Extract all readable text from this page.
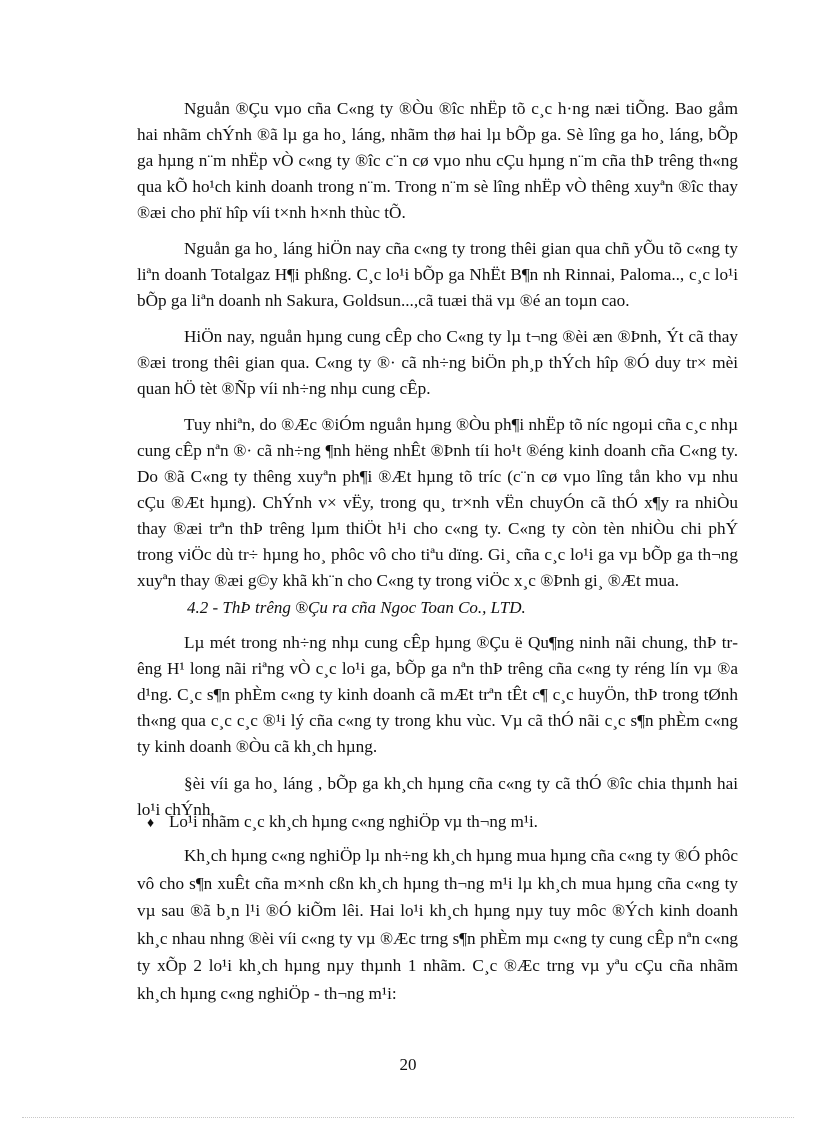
Nguån ®Çu vµo cña C«ng ty ®Òu ®îc nhËp tõ c¸c h·ng næi tiÕng. Bao gåm hai nhãm chÝnh ®ã lµ ga ho¸ láng, nhãm thø hai lµ bÕp ga. Sè lîng ga ho¸ láng, bÕp ga hµng n¨m nhËp vÒ c«ng ty ®îc c¨n cø vµo nhu cÇu hµng n¨m cña thÞ trêng th«ng qua kÕ ho¹ch kinh doanh trong n¨m. Trong n¨m sè lîng nhËp vÒ thêng xuyªn ®îc thay ®æi cho phï hîp víi t×nh h×nh thùc tÕ.

Nguån ga ho¸ láng hiÖn nay cña c«ng ty trong thêi gian qua chñ yÕu tõ c«ng ty liªn doanh Totalgaz H¶i phßng. C¸c lo¹i bÕp ga NhËt B¶n nh Rinnai, Paloma.., c¸c lo¹i bÕp ga liªn doanh nh Sakura, Goldsun...,cã tuæi thä vµ ®é an toµn cao.

HiÖn nay, nguån hµng cung cÊp cho C«ng ty lµ t¬ng ®èi æn ®Þnh, Ýt cã thay ®æi trong thêi gian qua. C«ng ty ®· cã nh÷ng biÖn ph¸p thÝch hîp ®Ó duy tr× mèi quan hÖ tèt ®Ñp víi nh÷ng nhµ cung cÊp.

Tuy nhiªn, do ®Æc ®iÓm nguån hµng ®Òu ph¶i nhËp tõ níc ngoµi cña c¸c nhµ cung cÊp nªn ®· cã nh÷ng ¶nh hëng nhÊt ®Þnh tíi ho¹t ®éng kinh doanh cña C«ng ty. Do ®ã C«ng ty thêng xuyªn ph¶i ®Æt hµng tõ tríc (c¨n cø vµo lîng tån kho vµ nhu cÇu ®Æt hµng). ChÝnh v× vËy, trong qu¸ tr×nh vËn chuyÓn cã thÓ x¶y ra nhiÒu thay ®æi trªn thÞ trêng lµm thiÖt h¹i cho c«ng ty. C«ng ty còn tèn nhiÒu chi phÝ trong viÖc dù tr÷ hµng ho¸ phôc vô cho tiªu dïng. Gi¸ cña c¸c lo¹i ga vµ bÕp ga th¬ng xuyªn thay ®æi g©y khã kh¨n cho C«ng ty trong viÖc x¸c ®Þnh gi¸ ®Æt mua.

4.2 - ThÞ trêng ®Çu ra cña Ngoc Toan Co., LTD.

Lµ mét trong nh÷ng nhµ cung cÊp hµng ®Çu ë Qu¶ng ninh nãi chung, thÞ trêng H¹ long nãi riªng vÒ c¸c lo¹i ga, bÕp ga nªn thÞ trêng cña c«ng ty réng lín vµ ®a d¹ng. C¸c s¶n phÈm c«ng ty kinh doanh cã mÆt trªn tÊt c¶ c¸c huyÖn, thÞ trong tØnh th«ng qua c¸c c¸c ®¹i lý cña c«ng ty trong khu vùc. Vµ cã thÓ nãi c¸c s¶n phÈm c«ng ty kinh doanh ®Òu cã kh¸ch hµng.

§èi víi ga ho¸ láng , bÕp ga kh¸ch hµng cña c«ng ty cã thÓ ®îc chia thµnh hai lo¹i chÝnh.

♦ Lo¹i nhãm c¸c kh¸ch hµng c«ng nghiÖp vµ th¬ng m¹i.

Kh¸ch hµng c«ng nghiÖp lµ nh÷ng kh¸ch hµng mua hµng cña c«ng ty ®Ó phôc vô cho s¶n xuÊt cña m×nh cßn kh¸ch hµng th¬ng m¹i lµ kh¸ch mua hµng cña c«ng ty vµ sau ®ã b¸n l¹i ®Ó kiÕm lêi. Hai lo¹i kh¸ch hµng nµy tuy môc ®Ých kinh doanh kh¸c nhau nhng ®èi víi c«ng ty vµ ®Æc trng s¶n phÈm mµ c«ng ty cung cÊp nªn c«ng ty xÕp 2 lo¹i kh¸ch hµng nµy thµnh 1 nhãm. C¸c ®Æc trng vµ yªu cÇu cña nhãm kh¸ch hµng c«ng nghiÖp - th¬ng m¹i:

20
